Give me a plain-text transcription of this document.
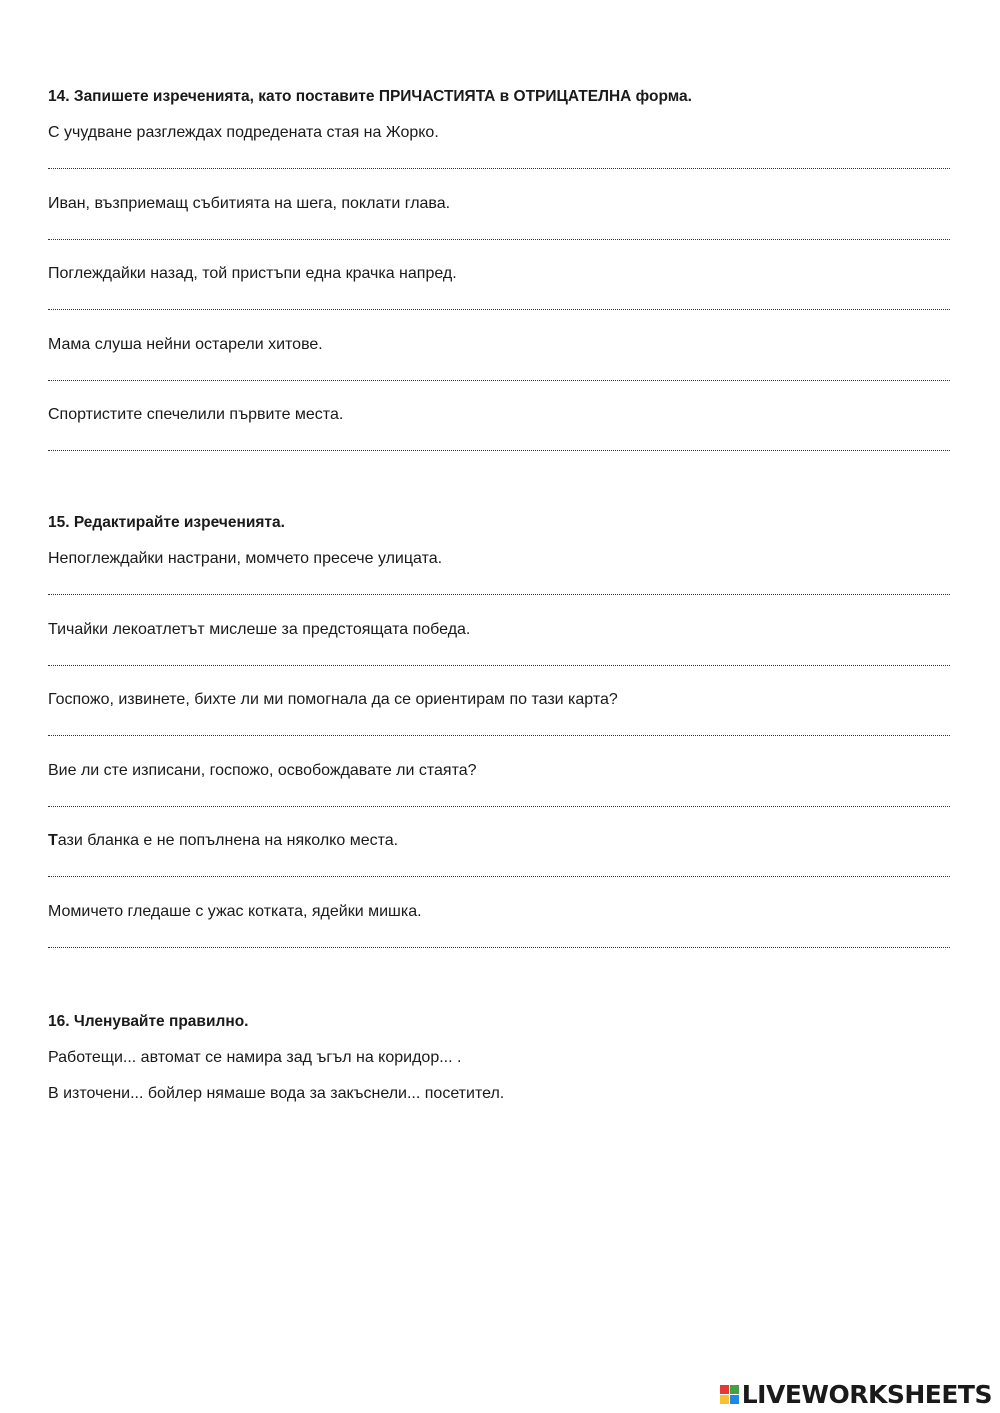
14. Запишете изреченията, като поставите ПРИЧАСТИЯТА в ОТРИЦАТЕЛНА форма.
С учудване разглеждах подредената стая на Жорко.
Иван, възприемащ събитията на шега, поклати глава.
Поглеждайки назад, той пристъпи една крачка напред.
Мама слуша нейни остарели хитове.
Спортистите спечелили първите места.
15. Редактирайте изреченията.
Непоглеждайки настрани, момчето пресече улицата.
Тичайки лекоатлетът мислеше за предстоящата победа.
Госпожо, извинете, бихте ли ми помогнала да се ориентирам по тази карта?
Вие ли сте изписани, госпожо, освобождавате ли стаята?
Тази бланка е не попълнена на няколко места.
Момичето гледаше с ужас котката, ядейки мишка.
16. Членувайте правилно.
Работещи... автомат се намира зад ъгъл на коридор... .
В източени... бойлер нямаше вода за закъснели... посетител.
LIVEWORKSHEETS
